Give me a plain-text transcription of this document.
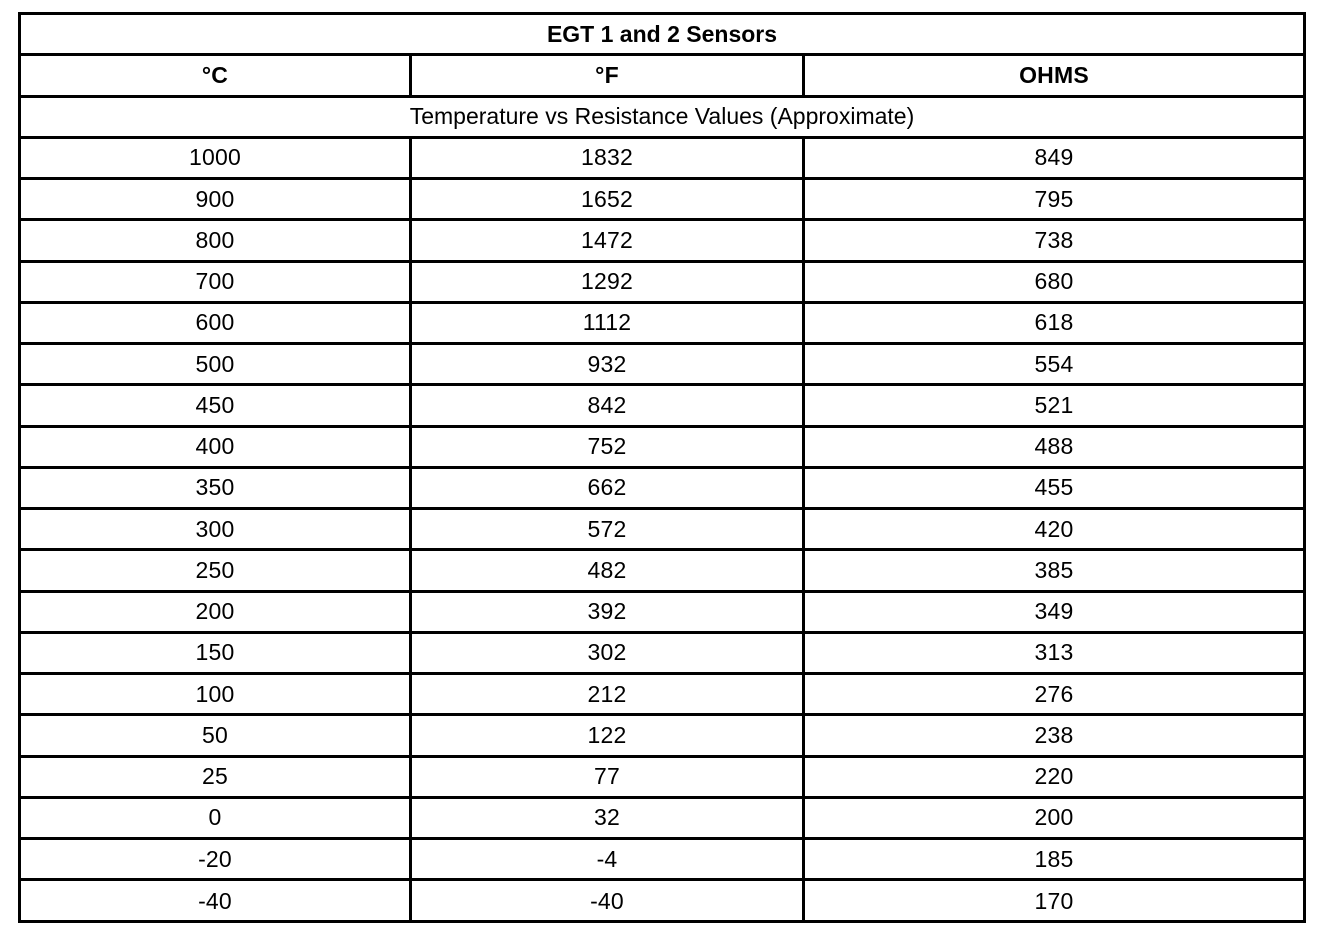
EGT 1 and 2 Sensors
°C	°F	OHMS
Temperature vs Resistance Values (Approximate)
1000	1832	849
900	1652	795
800	1472	738
700	1292	680
600	1112	618
500	932	554
450	842	521
400	752	488
350	662	455
300	572	420
250	482	385
200	392	349
150	302	313
100	212	276
50	122	238
25	77	220
0	32	200
-20	-4	185
-40	-40	170
